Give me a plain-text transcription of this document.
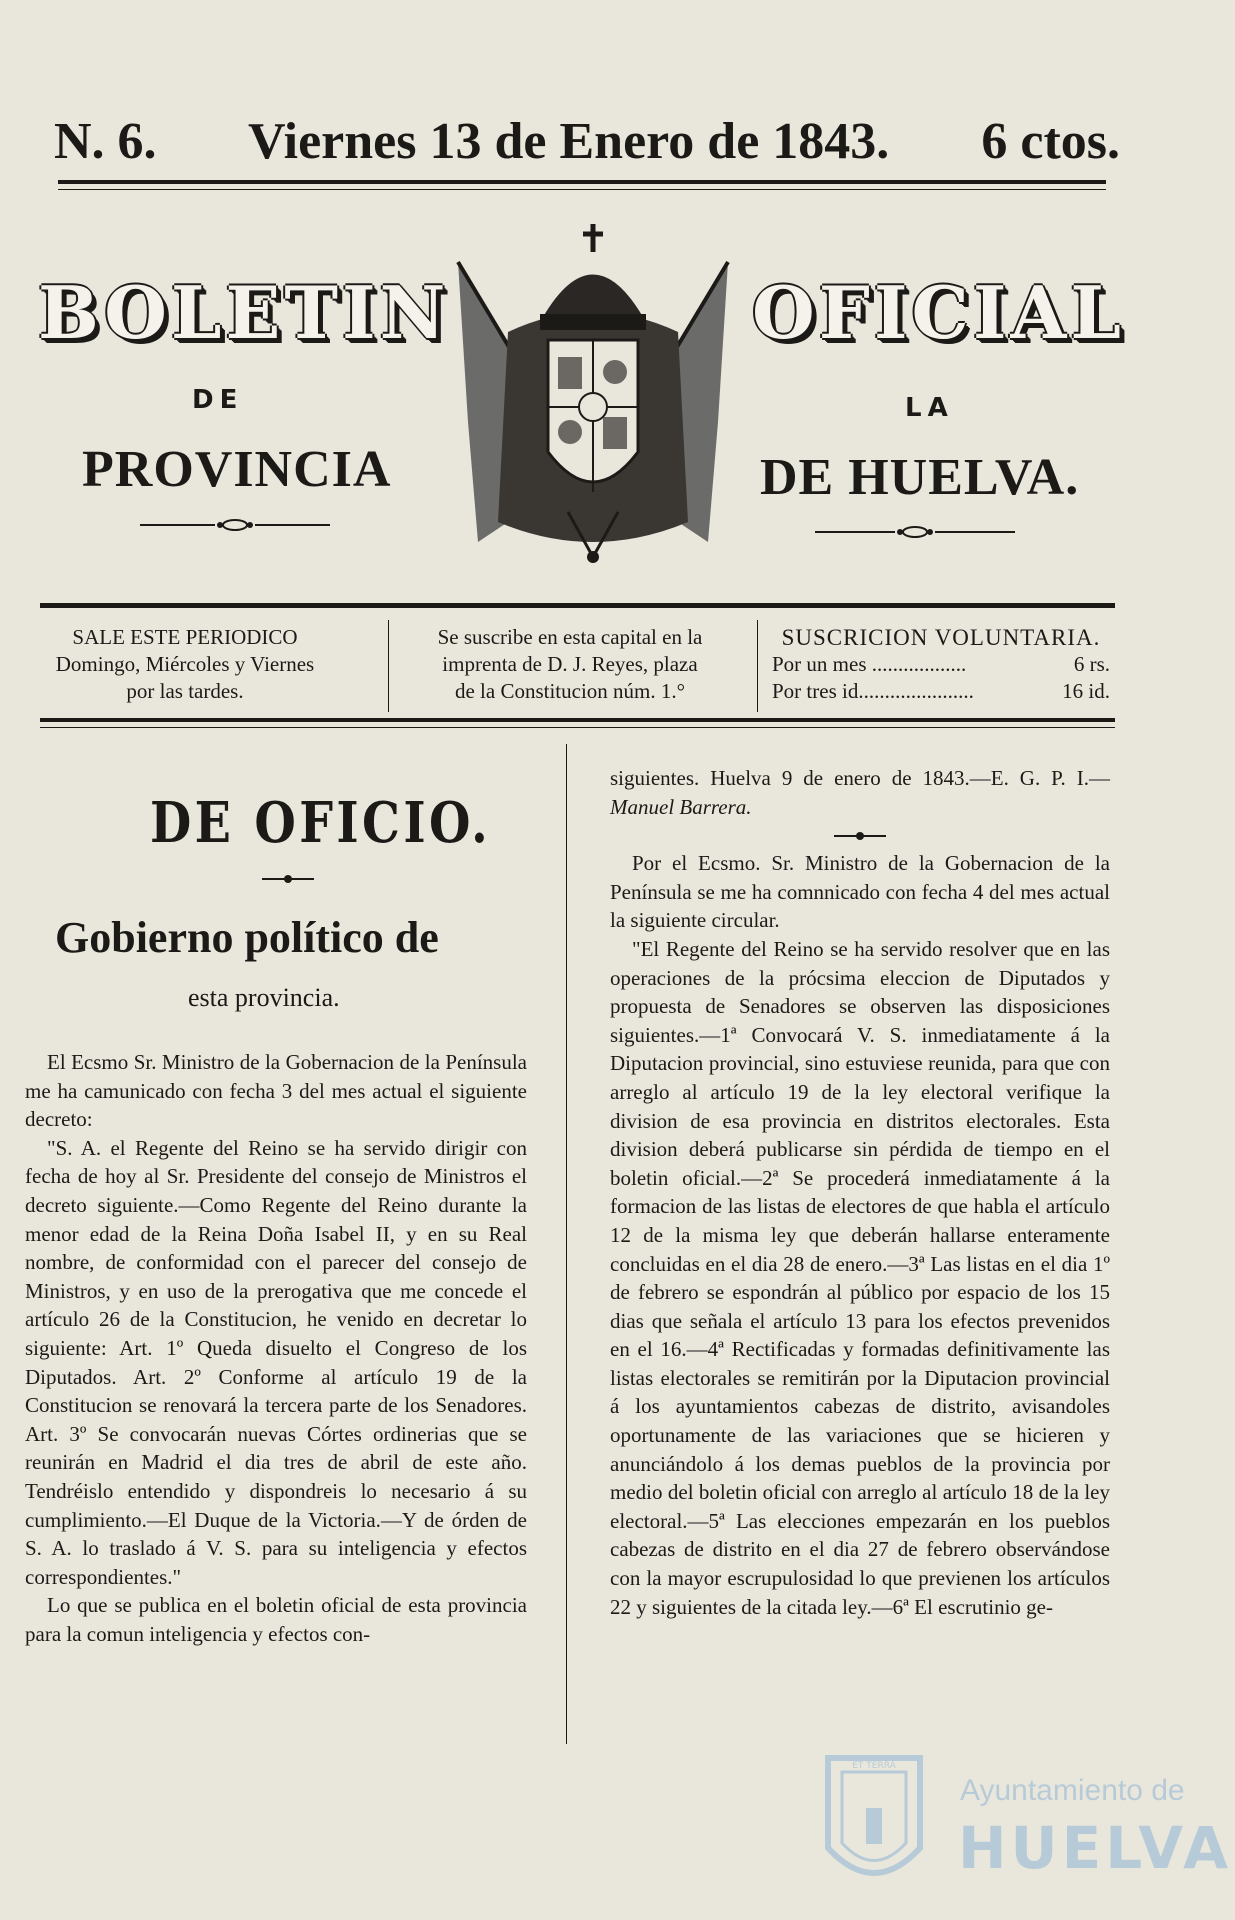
N. 6. Viernes 13 de Enero de 1843. 6 ctos.
BOLETIN	OFICIAL
DE	LA
PROVINCIA	DE HUELVA.
SALE ESTE PERIODICO
Domingo, Miércoles y Viernes
por las tardes.
Se suscribe en esta capital en la
imprenta de D. J. Reyes, plaza
de la Constitucion núm. 1.°
SUSCRICION VOLUNTARIA.
Por un mes ..................	6 rs.
Por tres id......................	16 id.
DE OFICIO.
Gobierno político de
esta provincia.

El Ecsmo Sr. Ministro de la Gobernacion de la Península me ha camunicado con fecha 3 del mes actual el siguiente decreto:

"S. A. el Regente del Reino se ha servido dirigir con fecha de hoy al Sr. Presidente del consejo de Ministros el decreto siguiente.—Como Regente del Reino durante la menor edad de la Reina Doña Isabel II, y en su Real nombre, de conformidad con el parecer del consejo de Ministros, y en uso de la prerogativa que me concede el artículo 26 de la Constitucion, he venido en decretar lo siguiente: Art. 1º Queda disuelto el Congreso de los Diputados. Art. 2º Conforme al artículo 19 de la Constitucion se renovará la tercera parte de los Senadores. Art. 3º Se convocarán nuevas Córtes ordinerias que se reunirán en Madrid el dia tres de abril de este año. Tendréislo entendido y dispondreis lo necesario á su cumplimiento.—El Duque de la Victoria.—Y de órden de S. A. lo traslado á V. S. para su inteligencia y efectos correspondientes."

Lo que se publica en el boletin oficial de esta provincia para la comun inteligencia y efectos con-

siguientes. Huelva 9 de enero de 1843.—E. G. P. I.—Manuel Barrera.

Por el Ecsmo. Sr. Ministro de la Gobernacion de la Península se me ha comnnicado con fecha 4 del mes actual la siguiente circular.

"El Regente del Reino se ha servido resolver que en las operaciones de la prócsima eleccion de Diputados y propuesta de Senadores se observen las disposiciones siguientes.—1ª Convocará V. S. inmediatamente á la Diputacion provincial, sino estuviese reunida, para que con arreglo al artículo 19 de la ley electoral verifique la division de esa provincia en distritos electorales. Esta division deberá publicarse sin pérdida de tiempo en el boletin oficial.—2ª Se procederá inmediatamente á la formacion de las listas de electores de que habla el artículo 12 de la misma ley que deberán hallarse enteramente concluidas en el dia 28 de enero.—3ª Las listas en el dia 1º de febrero se espondrán al público por espacio de los 15 dias que señala el artículo 13 para los efectos prevenidos en el 16.—4ª Rectificadas y formadas definitivamente las listas electorales se remitirán por la Diputacion provincial á los ayuntamientos cabezas de distrito, avisandoles oportunamente de las variaciones que se hicieren y anunciándolo á los demas pueblos de la provincia por medio del boletin oficial con arreglo al artículo 18 de la ley electoral.—5ª Las elecciones empezarán en los pueblos cabezas de distrito en el dia 27 de febrero observándose con la mayor escrupulosidad lo que previenen los artículos 22 y siguientes de la citada ley.—6ª El escrutinio ge-

ET TERRA
Ayuntamiento de
HUELVA
